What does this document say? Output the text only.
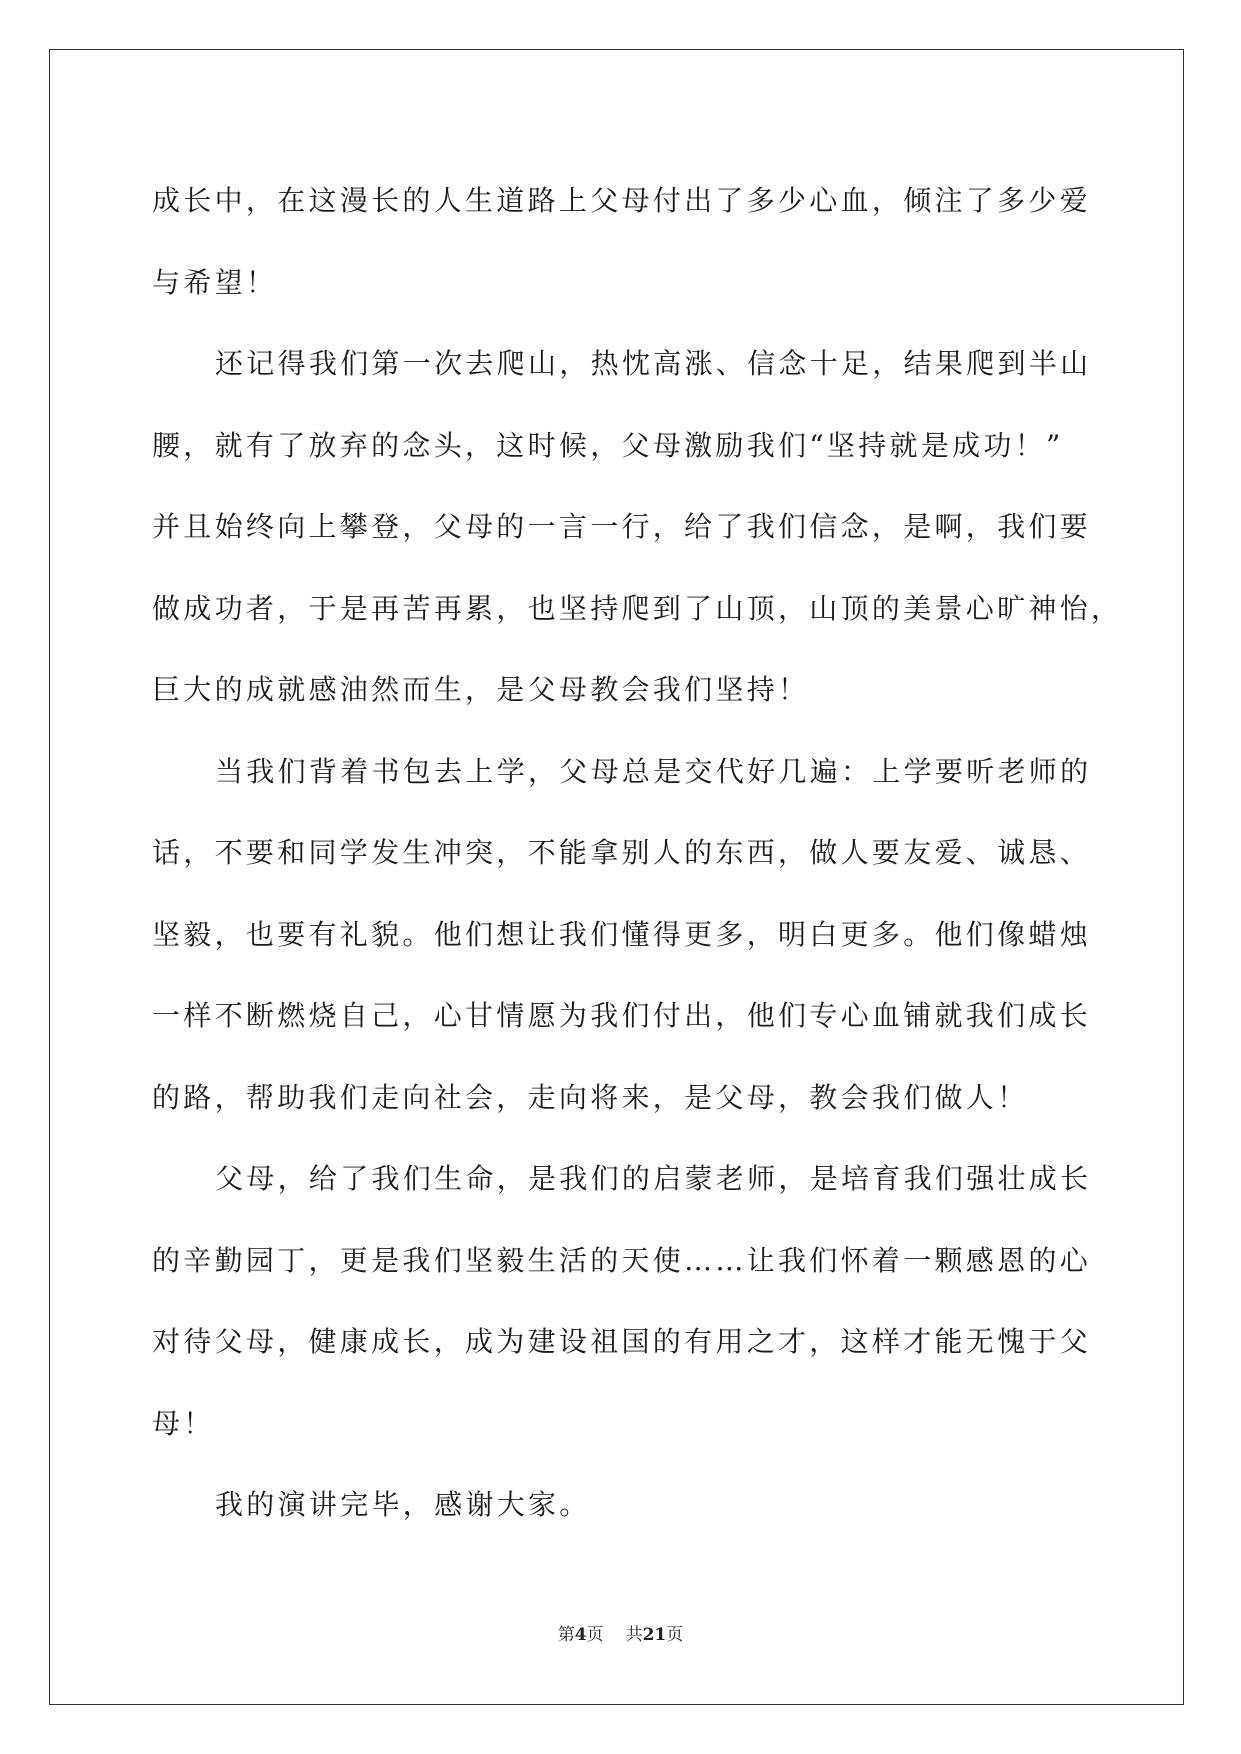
成长中，在这漫长的人生道路上父母付出了多少心血，倾注了多少爱
与希望！
还记得我们第一次去爬山，热忱高涨、信念十足，结果爬到半山
腰，就有了放弃的念头，这时候，父母激励我们“坚持就是成功！”
并且始终向上攀登，父母的一言一行，给了我们信念，是啊，我们要
做成功者，于是再苦再累，也坚持爬到了山顶，山顶的美景心旷神怡，
巨大的成就感油然而生，是父母教会我们坚持！
当我们背着书包去上学，父母总是交代好几遍：上学要听老师的
话，不要和同学发生冲突，不能拿别人的东西，做人要友爱、诚恳、
坚毅，也要有礼貌。他们想让我们懂得更多，明白更多。他们像蜡烛
一样不断燃烧自己，心甘情愿为我们付出，他们专心血铺就我们成长
的路，帮助我们走向社会，走向将来，是父母，教会我们做人！
父母，给了我们生命，是我们的启蒙老师，是培育我们强壮成长
的辛勤园丁，更是我们坚毅生活的天使……让我们怀着一颗感恩的心
对待父母，健康成长，成为建设祖国的有用之才，这样才能无愧于父
母！
我的演讲完毕，感谢大家。
第4页 共21页
